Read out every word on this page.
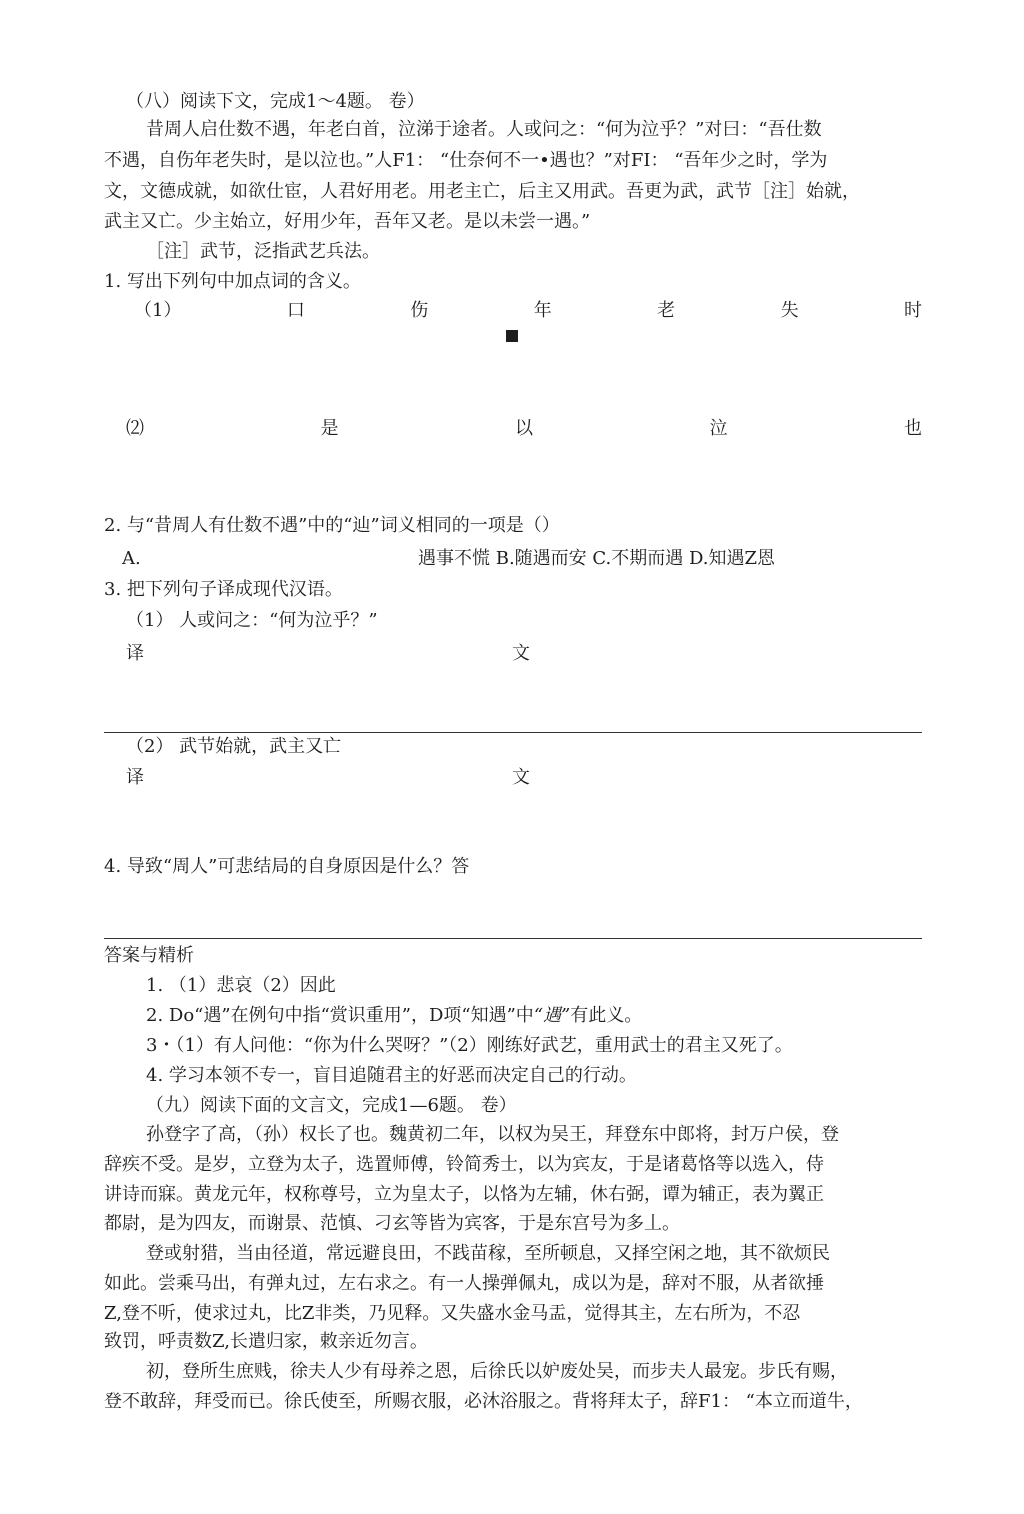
（八）阅读下文，完成1〜4题。 卷）
昔周人启仕数不遇，年老白首，泣涕于途者。人或问之：“何为泣乎？”对曰：“吾仕数
不遇，自伤年老失时，是以泣也。”人F1： “仕奈何不一•遇也？”对FI： “吾年少之时，学为
文，文德成就，如欲仕宦，人君好用老。用老主亡，后主又用武。吾更为武，武节［注］始就，
武主又亡。少主始立，好用少年，吾年又老。是以未尝一遇。”
［注］武节，泛指武艺兵法。
1. 写出下列句中加点词的含义。
（1）	口	伤	年	老	失	时
⑵	是	以	泣	也
2. 与“昔周人有仕数不遇”中的“辿”词义相同的一项是（）
A.	遇事不慌 B.随遇而安 C.不期而遇 D.知遇Z恩
3. 把下列句子译成现代汉语。
（1） 人或问之：“何为泣乎？”
译	文
（2） 武节始就，武主又亡
译	文
4. 导致“周人”可悲结局的自身原因是什么？答
答案与精析
1. （1）悲哀（2）因此
2. Do“遇”在例句中指“赏识重用”，D项“知遇”中“遇”有此义。
3・（1）有人问他：“你为什么哭呀？”（2）刚练好武艺，重用武士的君主又死了。
4. 学习本领不专一，盲目追随君主的好恶而决定自己的行动。
（九）阅读下面的文言文，完成1—6题。 卷）
孙登字了高，（孙）权长了也。魏黄初二年，以权为吴王，拜登东中郎将，封万户侯，登
辞疾不受。是岁，立登为太子，选置师傅，铃简秀士，以为宾友，于是诸葛恪等以选入，侍
讲诗而寐。黄龙元年，权称尊号，立为皇太子，以恪为左辅，休右弼，谭为辅正，表为翼正
都尉，是为四友，而谢景、范慎、刁玄等皆为宾客，于是东宫号为多丄。
登或射猎，当由径道，常远避良田，不践苗稼，至所顿息，又择空闲之地，其不欲烦民
如此。尝乘马出，有弹丸过，左右求之。有一人操弹佩丸，成以为是，辞对不服，从者欲捶
Z,登不听，使求过丸，比Z非类，乃见释。又失盛水金马盂，觉得其主，左右所为，不忍
致罚，呼责数Z,长遣归家，敕亲近勿言。
初，登所生庶贱，徐夫人少有母养之恩，后徐氏以妒废处吴，而步夫人最宠。步氏有赐，
登不敢辞，拜受而已。徐氏使至，所赐衣服，必沐浴服之。背将拜太子，辞F1： “本立而道牛，
